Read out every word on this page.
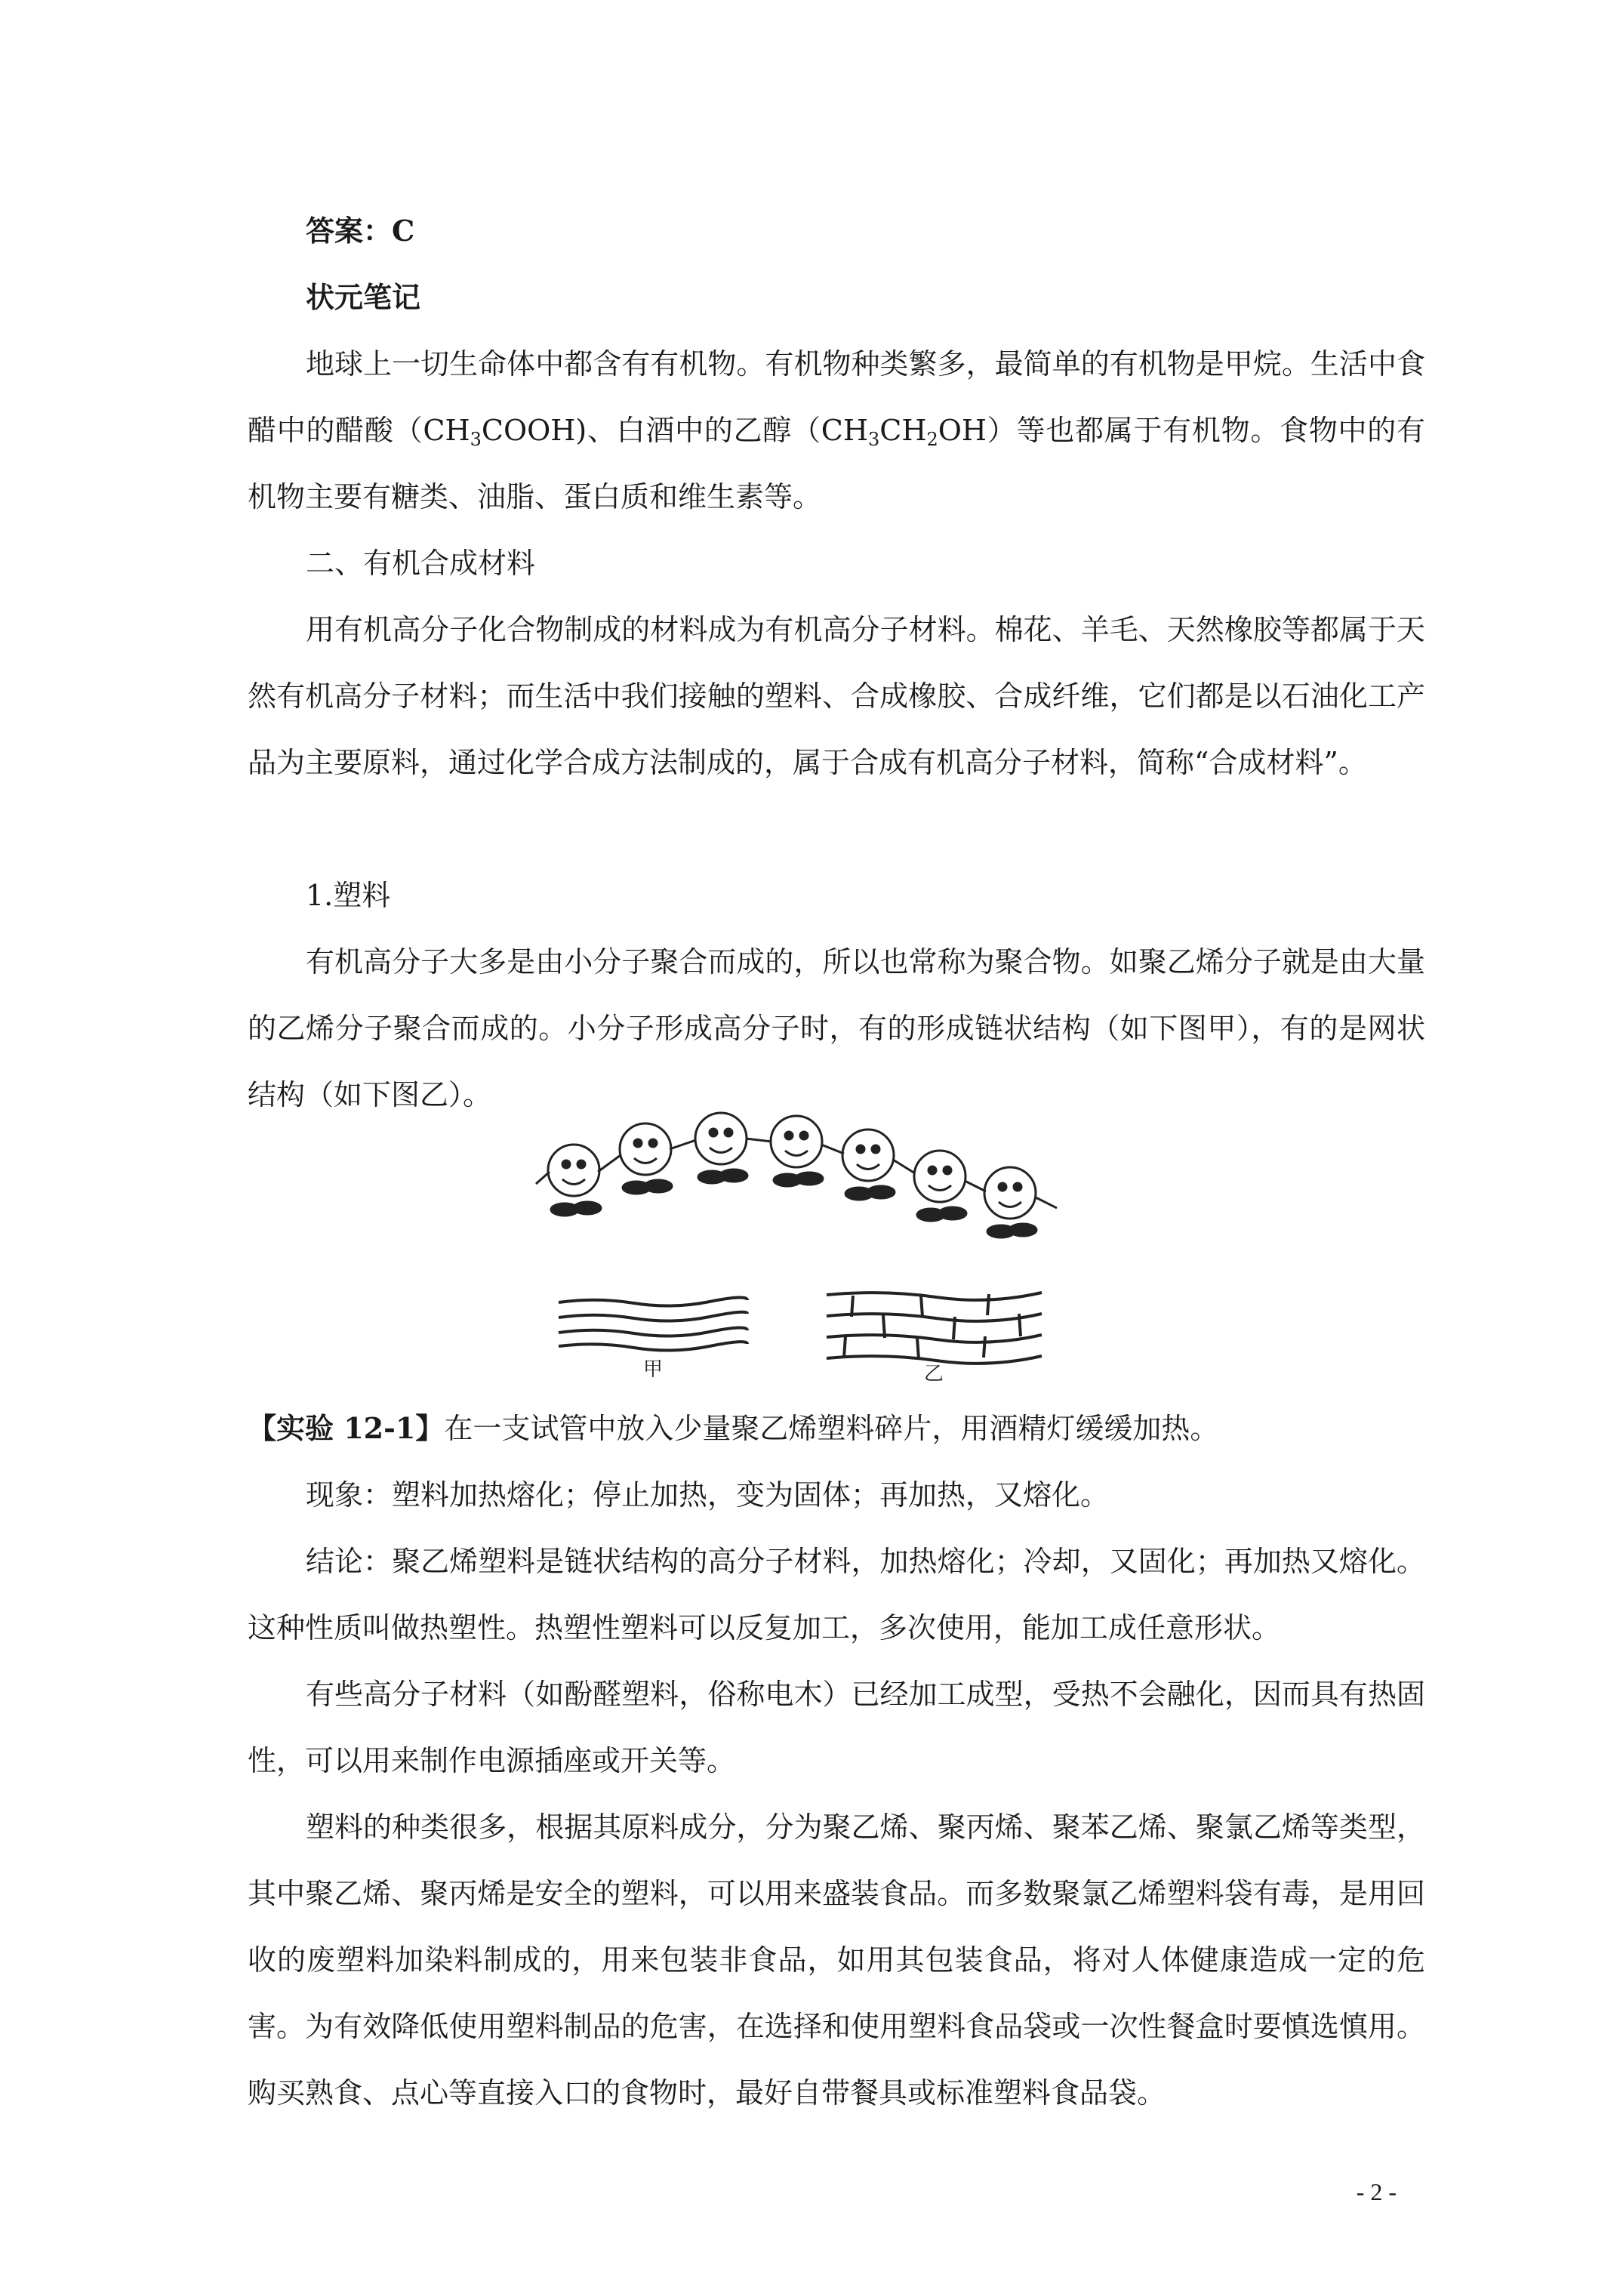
答案：C

状元笔记

地球上一切生命体中都含有有机物。有机物种类繁多，最简单的有机物是甲烷。生活中食醋中的醋酸$(CH_3COOH)$、白酒中的乙醇$(CH_3CH_2OH)$等也都属于有机物。食物中的有机物主要有糖类、油脂、蛋白质和维生素等。

二、有机合成材料

用有机高分子化合物制成的材料成为有机高分子材料。棉花、羊毛、天然橡胶等都属于天然有机高分子材料；而生活中我们接触的塑料、合成橡胶、合成纤维，它们都是以石油化工产品为主要原料，通过化学合成方法制成的，属于合成有机高分子材料，简称“合成材料”。

1.塑料

有机高分子大多是由小分子聚合而成的，所以也常称为聚合物。如聚乙烯分子就是由大量的乙烯分子聚合而成的。小分子形成高分子时，有的形成链状结构（如下图甲），有的是网状结构（如下图乙）。

甲	乙

【实验 12-1】在一支试管中放入少量聚乙烯塑料碎片，用酒精灯缓缓加热。

现象：塑料加热熔化；停止加热，变为固体；再加热，又熔化。

结论：聚乙烯塑料是链状结构的高分子材料，加热熔化；冷却，又固化；再加热又熔化。这种性质叫做热塑性。热塑性塑料可以反复加工，多次使用，能加工成任意形状。

有些高分子材料（如酚醛塑料，俗称电木）已经加工成型，受热不会融化，因而具有热固性，可以用来制作电源插座或开关等。

塑料的种类很多，根据其原料成分，分为聚乙烯、聚丙烯、聚苯乙烯、聚氯乙烯等类型，其中聚乙烯、聚丙烯是安全的塑料，可以用来盛装食品。而多数聚氯乙烯塑料袋有毒，是用回收的废塑料加染料制成的，用来包装非食品，如用其包装食品，将对人体健康造成一定的危害。为有效降低使用塑料制品的危害，在选择和使用塑料食品袋或一次性餐盒时要慎选慎用。购买熟食、点心等直接入口的食物时，最好自带餐具或标准塑料食品袋。

- 2 -
